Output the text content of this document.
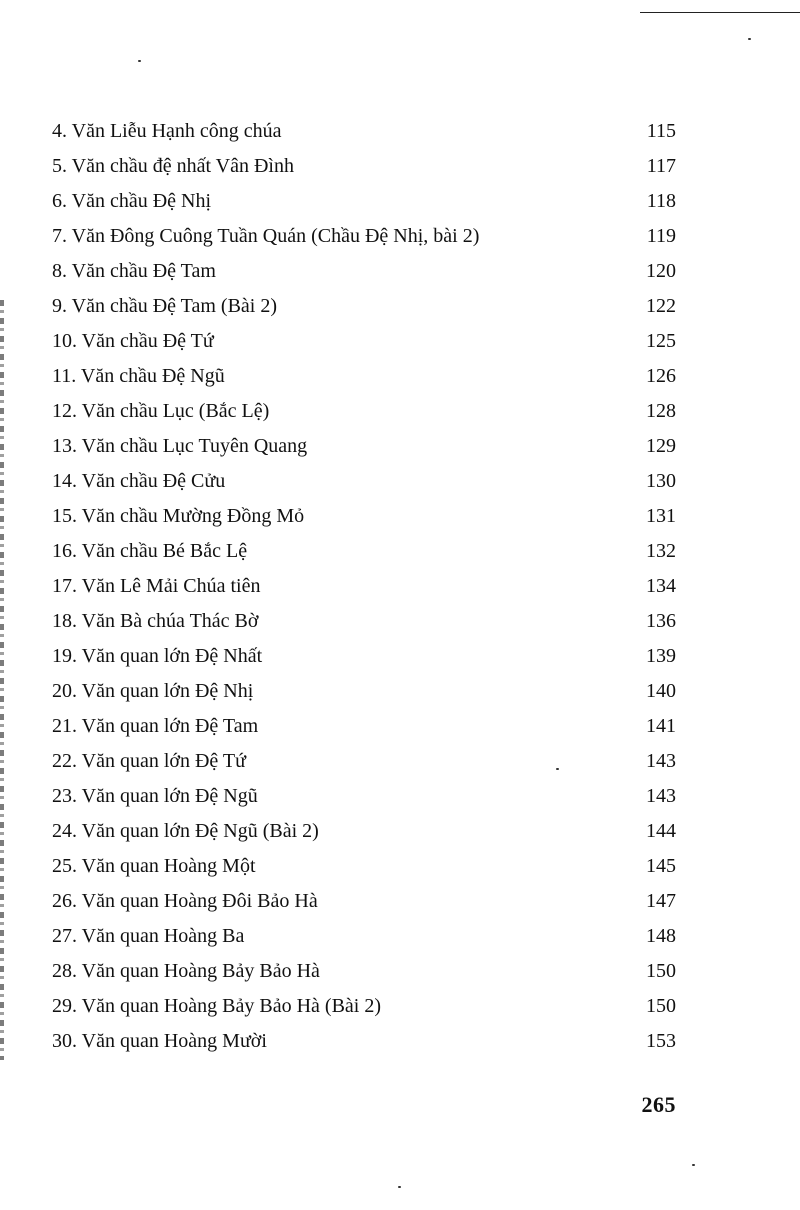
4. Văn Liễu Hạnh công chúa	115
5. Văn chầu đệ nhất Vân Đình	117
6. Văn chầu Đệ Nhị	118
7. Văn Đông Cuông Tuần Quán (Chầu Đệ Nhị, bài 2)	119
8. Văn chầu Đệ Tam	120
9. Văn chầu Đệ Tam (Bài 2)	122
10. Văn chầu Đệ Tứ	125
11. Văn chầu Đệ Ngũ	126
12. Văn chầu Lục (Bắc Lệ)	128
13. Văn chầu Lục Tuyên Quang	129
14. Văn chầu Đệ Cửu	130
15. Văn chầu Mường Đồng Mỏ	131
16. Văn chầu Bé Bắc Lệ	132
17. Văn Lê Mải Chúa tiên	134
18. Văn Bà chúa Thác Bờ	136
19. Văn quan lớn Đệ Nhất	139
20. Văn quan lớn Đệ Nhị	140
21. Văn quan lớn Đệ Tam	141
22. Văn quan lớn Đệ Tứ	143
23. Văn quan lớn Đệ Ngũ	143
24. Văn quan lớn Đệ Ngũ (Bài 2)	144
25. Văn quan Hoàng Một	145
26. Văn quan Hoàng Đôi Bảo Hà	147
27. Văn quan Hoàng Ba	148
28. Văn quan Hoàng Bảy Bảo Hà	150
29. Văn quan Hoàng Bảy Bảo Hà (Bài 2)	150
30. Văn quan Hoàng Mười	153
265
